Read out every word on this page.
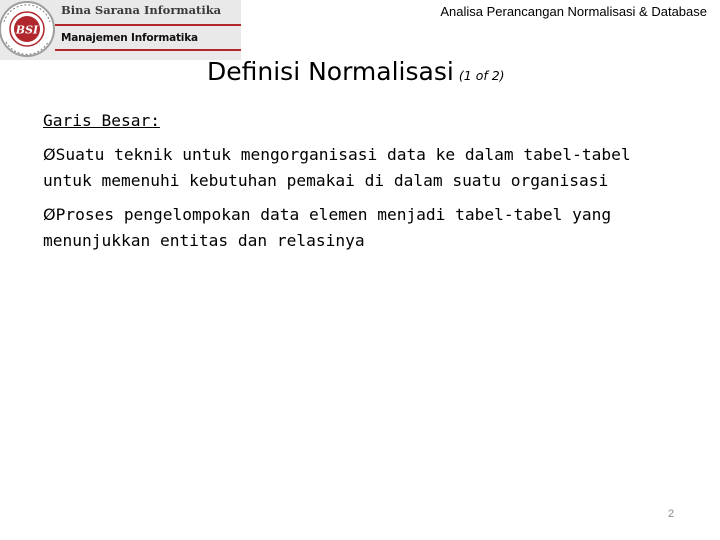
BSI
Bina Sarana Informatika
Manajemen Informatika
Analisa Perancangan Normalisasi & Database
Definisi Normalisasi (1 of 2)
Garis Besar:
ØSuatu teknik untuk mengorganisasi data ke dalam tabel-tabel
untuk memenuhi kebutuhan pemakai di dalam suatu organisasi
ØProses pengelompokan data elemen menjadi tabel-tabel yang
menunjukkan entitas dan relasinya
2
